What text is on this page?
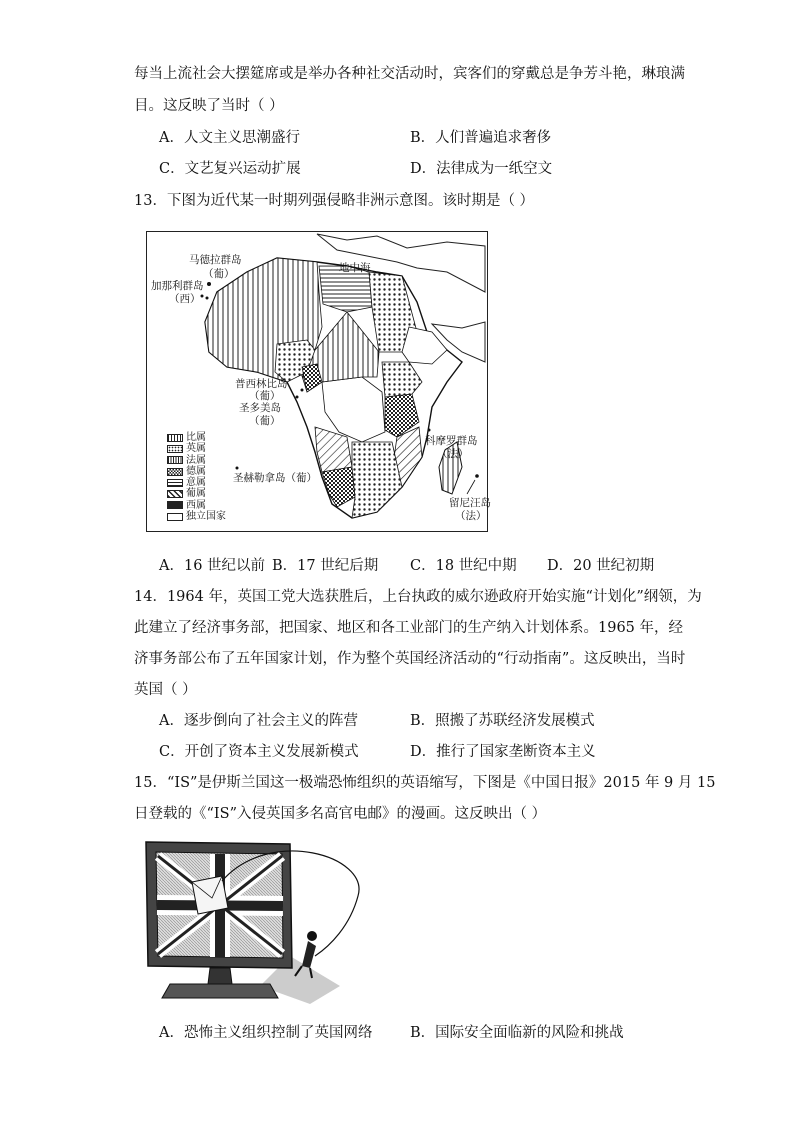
每当上流社会大摆筵席或是举办各种社交活动时，宾客们的穿戴总是争芳斗艳，琳琅满
目。这反映了当时（ ）
A．人文主义思潮盛行	B．人们普遍追求奢侈
C．文艺复兴运动扩展	D．法律成为一纸空文
13．下图为近代某一时期列强侵略非洲示意图。该时期是（ ）
马德拉群岛
（葡）
加那利群岛
（西）
地中海
普西林比岛
（葡）
圣多美岛
（葡）
科摩罗群岛
（法）
圣赫勒拿岛（葡）
留尼汪岛
（法）
比属
英属
法属
德属
意属
葡属
西属
独立国家
A．16 世纪以前 B．17 世纪后期 C．18 世纪中期 D．20 世纪初期
14．1964 年，英国工党大选获胜后，上台执政的威尔逊政府开始实施“计划化”纲领，为
此建立了经济事务部，把国家、地区和各工业部门的生产纳入计划体系。1965 年，经
济事务部公布了五年国家计划，作为整个英国经济活动的“行动指南”。这反映出，当时
英国（ ）
A．逐步倒向了社会主义的阵营	B．照搬了苏联经济发展模式
C．开创了资本主义发展新模式	D．推行了国家垄断资本主义
15．“IS”是伊斯兰国这一极端恐怖组织的英语缩写，下图是《中国日报》2015 年 9 月 15
日登载的《“IS”入侵英国多名高官电邮》的漫画。这反映出（ ）
A．恐怖主义组织控制了英国网络	B．国际安全面临新的风险和挑战
